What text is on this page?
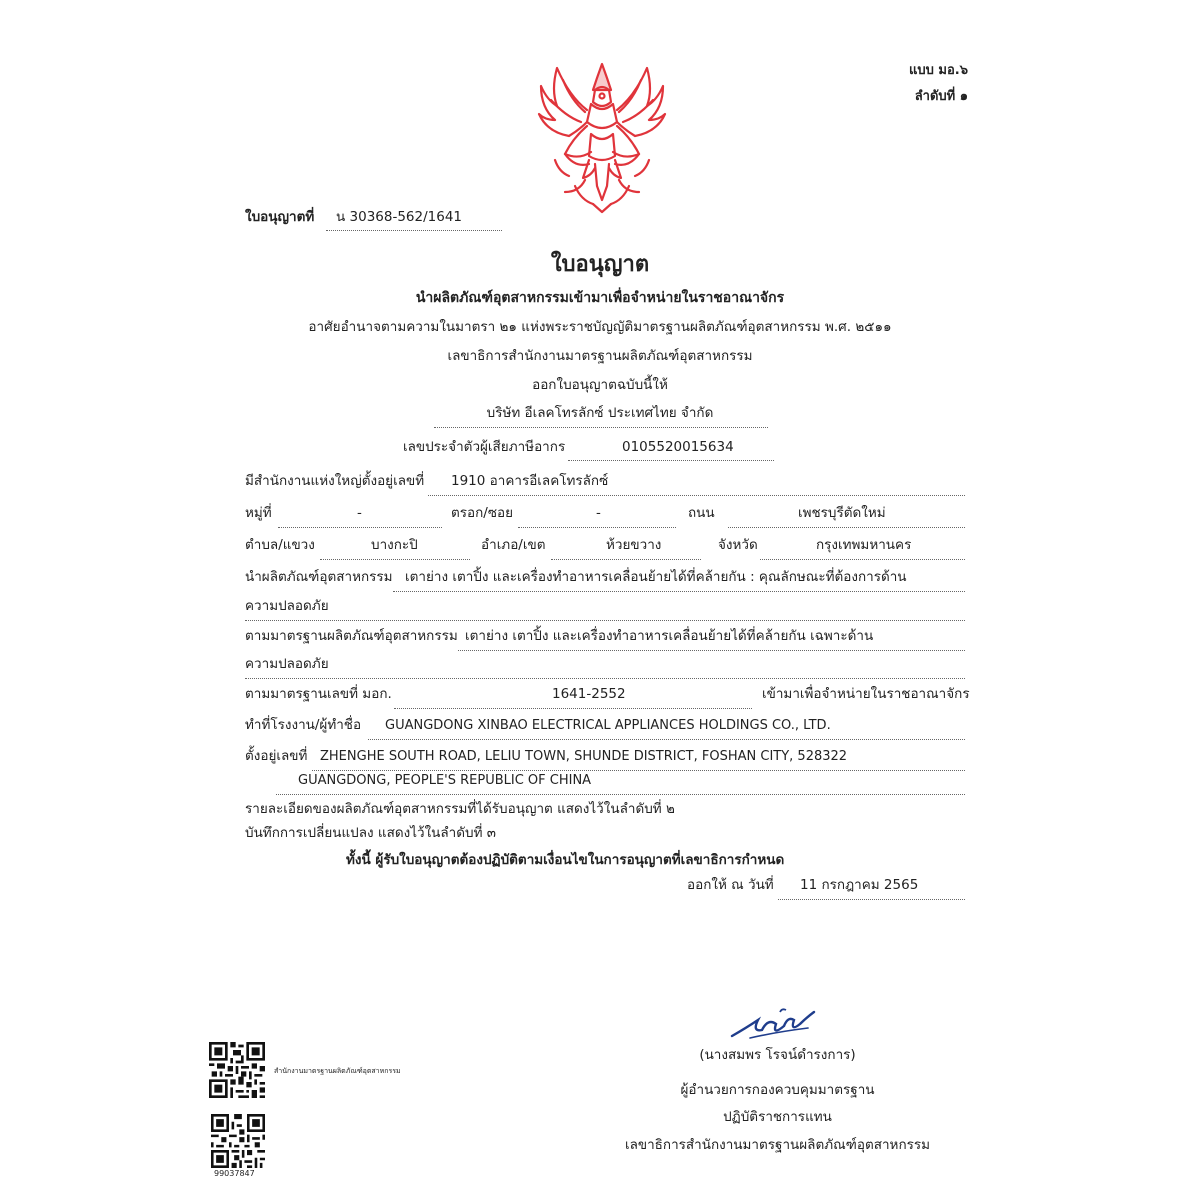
แบบ มอ.๖
ลำดับที่ ๑
ใบอนุญาตที่ น 30368-562/1641
ใบอนุญาต
นำผลิตภัณฑ์อุตสาหกรรมเข้ามาเพื่อจำหน่ายในราชอาณาจักร
อาศัยอำนาจตามความในมาตรา ๒๑ แห่งพระราชบัญญัติมาตรฐานผลิตภัณฑ์อุตสาหกรรม พ.ศ. ๒๕๑๑
เลขาธิการสำนักงานมาตรฐานผลิตภัณฑ์อุตสาหกรรม
ออกใบอนุญาตฉบับนี้ให้
บริษัท อีเลคโทรลักซ์ ประเทศไทย จำกัด
เลขประจำตัวผู้เสียภาษีอากร	0105520015634
มีสำนักงานแห่งใหญ่ตั้งอยู่เลขที่ 1910 อาคารอีเลคโทรลักซ์
หมู่ที่	-	ตรอก/ซอย	-	ถนน	เพชรบุรีตัดใหม่
ตำบล/แขวง	บางกะปิ	อำเภอ/เขต	ห้วยขวาง	จังหวัด	กรุงเทพมหานคร
นำผลิตภัณฑ์อุตสาหกรรม เตาย่าง เตาปิ้ง และเครื่องทำอาหารเคลื่อนย้ายได้ที่คล้ายกัน : คุณลักษณะที่ต้องการด้าน
ความปลอดภัย
ตามมาตรฐานผลิตภัณฑ์อุตสาหกรรม เตาย่าง เตาปิ้ง และเครื่องทำอาหารเคลื่อนย้ายได้ที่คล้ายกัน เฉพาะด้าน
ความปลอดภัย
ตามมาตรฐานเลขที่ มอก.	1641-2552	เข้ามาเพื่อจำหน่ายในราชอาณาจักร
ทำที่โรงงาน/ผู้ทำชื่อ GUANGDONG XINBAO ELECTRICAL APPLIANCES HOLDINGS CO., LTD.
ตั้งอยู่เลขที่ ZHENGHE SOUTH ROAD, LELIU TOWN, SHUNDE DISTRICT, FOSHAN CITY, 528322
GUANGDONG, PEOPLE'S REPUBLIC OF CHINA
รายละเอียดของผลิตภัณฑ์อุตสาหกรรมที่ได้รับอนุญาต แสดงไว้ในลำดับที่ ๒
บันทึกการเปลี่ยนแปลง แสดงไว้ในลำดับที่ ๓
ทั้งนี้ ผู้รับใบอนุญาตต้องปฏิบัติตามเงื่อนไขในการอนุญาตที่เลขาธิการกำหนด
ออกให้ ณ วันที่ 11 กรกฎาคม 2565
(นางสมพร โรจน์ดำรงการ)
ผู้อำนวยการกองควบคุมมาตรฐาน
ปฏิบัติราชการแทน
เลขาธิการสำนักงานมาตรฐานผลิตภัณฑ์อุตสาหกรรม
สำนักงานมาตรฐานผลิตภัณฑ์อุตสาหกรรม
99037847
